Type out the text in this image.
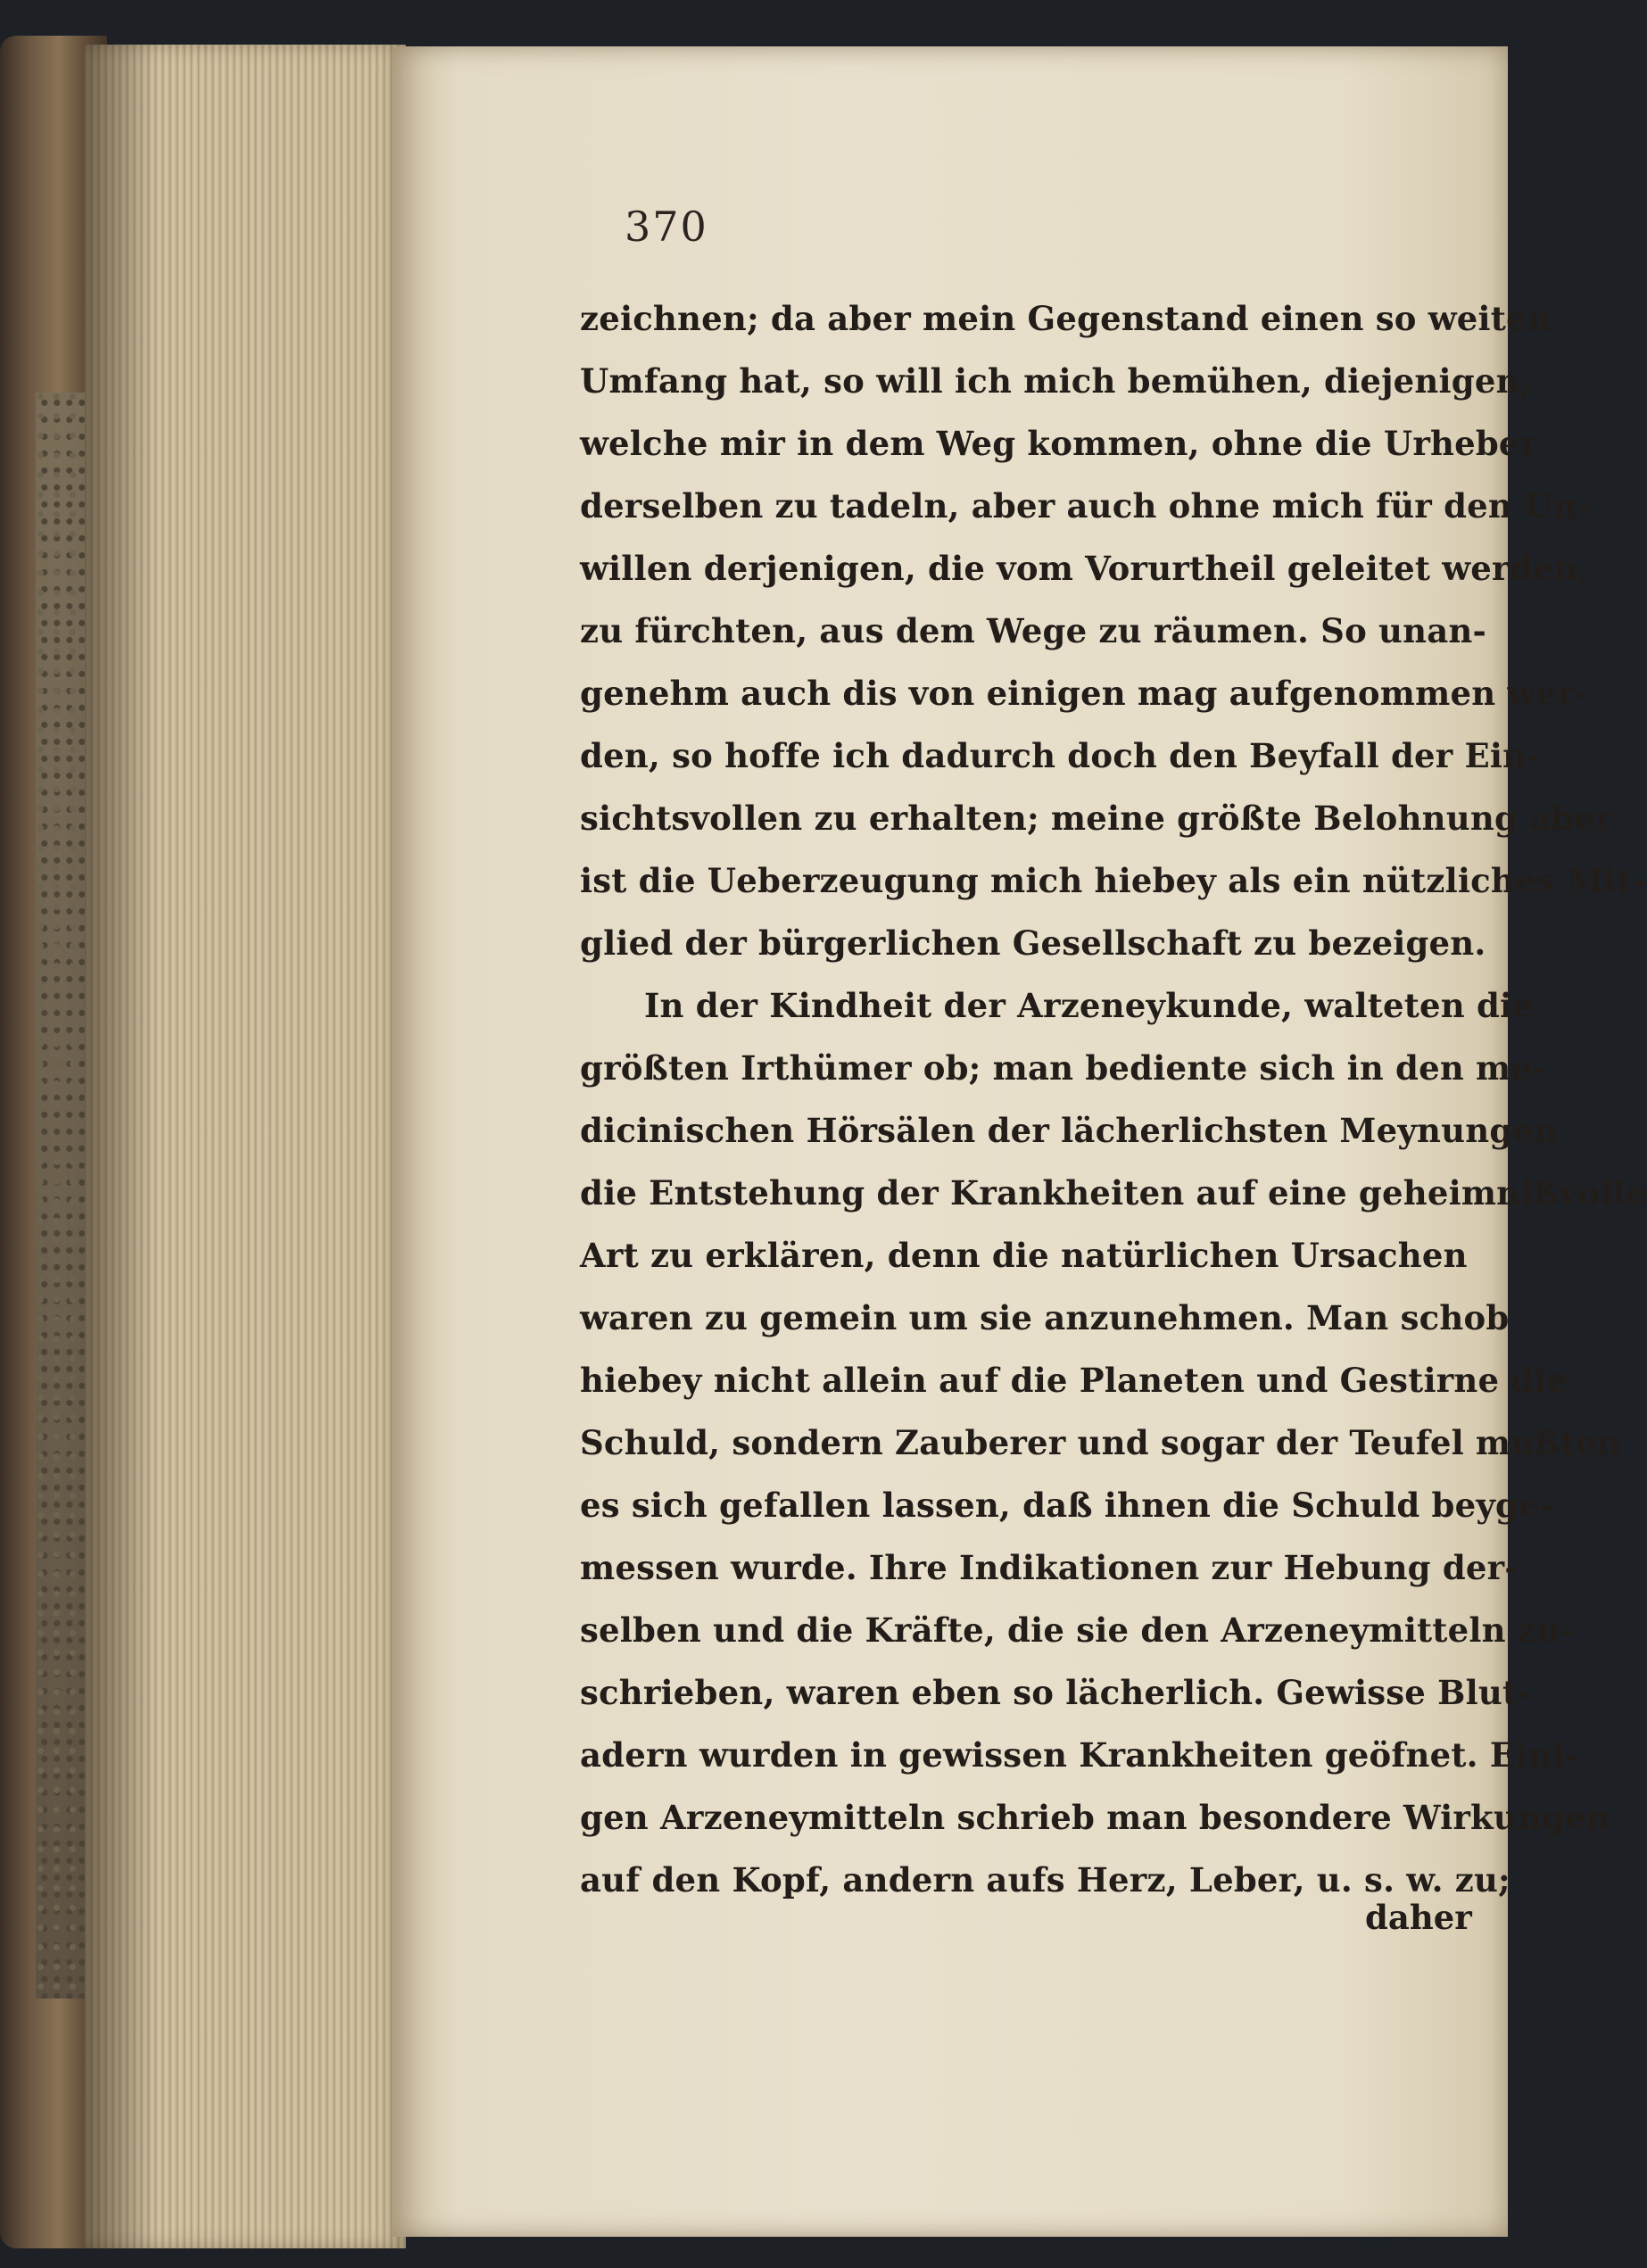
370
zeichnen; da aber mein Gegenstand einen so weiten
Umfang hat, so will ich mich bemühen, diejenigen,
welche mir in dem Weg kommen, ohne die Urheber
derselben zu tadeln, aber auch ohne mich für den Un-
willen derjenigen, die vom Vorurtheil geleitet werden,
zu fürchten, aus dem Wege zu räumen. So unan-
genehm auch dis von einigen mag aufgenommen wer-
den, so hoffe ich dadurch doch den Beyfall der Ein-
sichtsvollen zu erhalten; meine größte Belohnung aber
ist die Ueberzeugung mich hiebey als ein nützliches Mit-
glied der bürgerlichen Gesellschaft zu bezeigen.
In der Kindheit der Arzeneykunde, walteten die
größten Irthümer ob; man bediente sich in den me-
dicinischen Hörsälen der lächerlichsten Meynungen
die Entstehung der Krankheiten auf eine geheimnißvolle
Art zu erklären, denn die natürlichen Ursachen
waren zu gemein um sie anzunehmen. Man schob
hiebey nicht allein auf die Planeten und Gestirne die
Schuld, sondern Zauberer und sogar der Teufel mußten
es sich gefallen lassen, daß ihnen die Schuld beyge-
messen wurde. Ihre Indikationen zur Hebung der-
selben und die Kräfte, die sie den Arzeneymitteln zu-
schrieben, waren eben so lächerlich. Gewisse Blut-
adern wurden in gewissen Krankheiten geöfnet. Eini-
gen Arzeneymitteln schrieb man besondere Wirkungen
auf den Kopf, andern aufs Herz, Leber, u. s. w. zu;
daher
